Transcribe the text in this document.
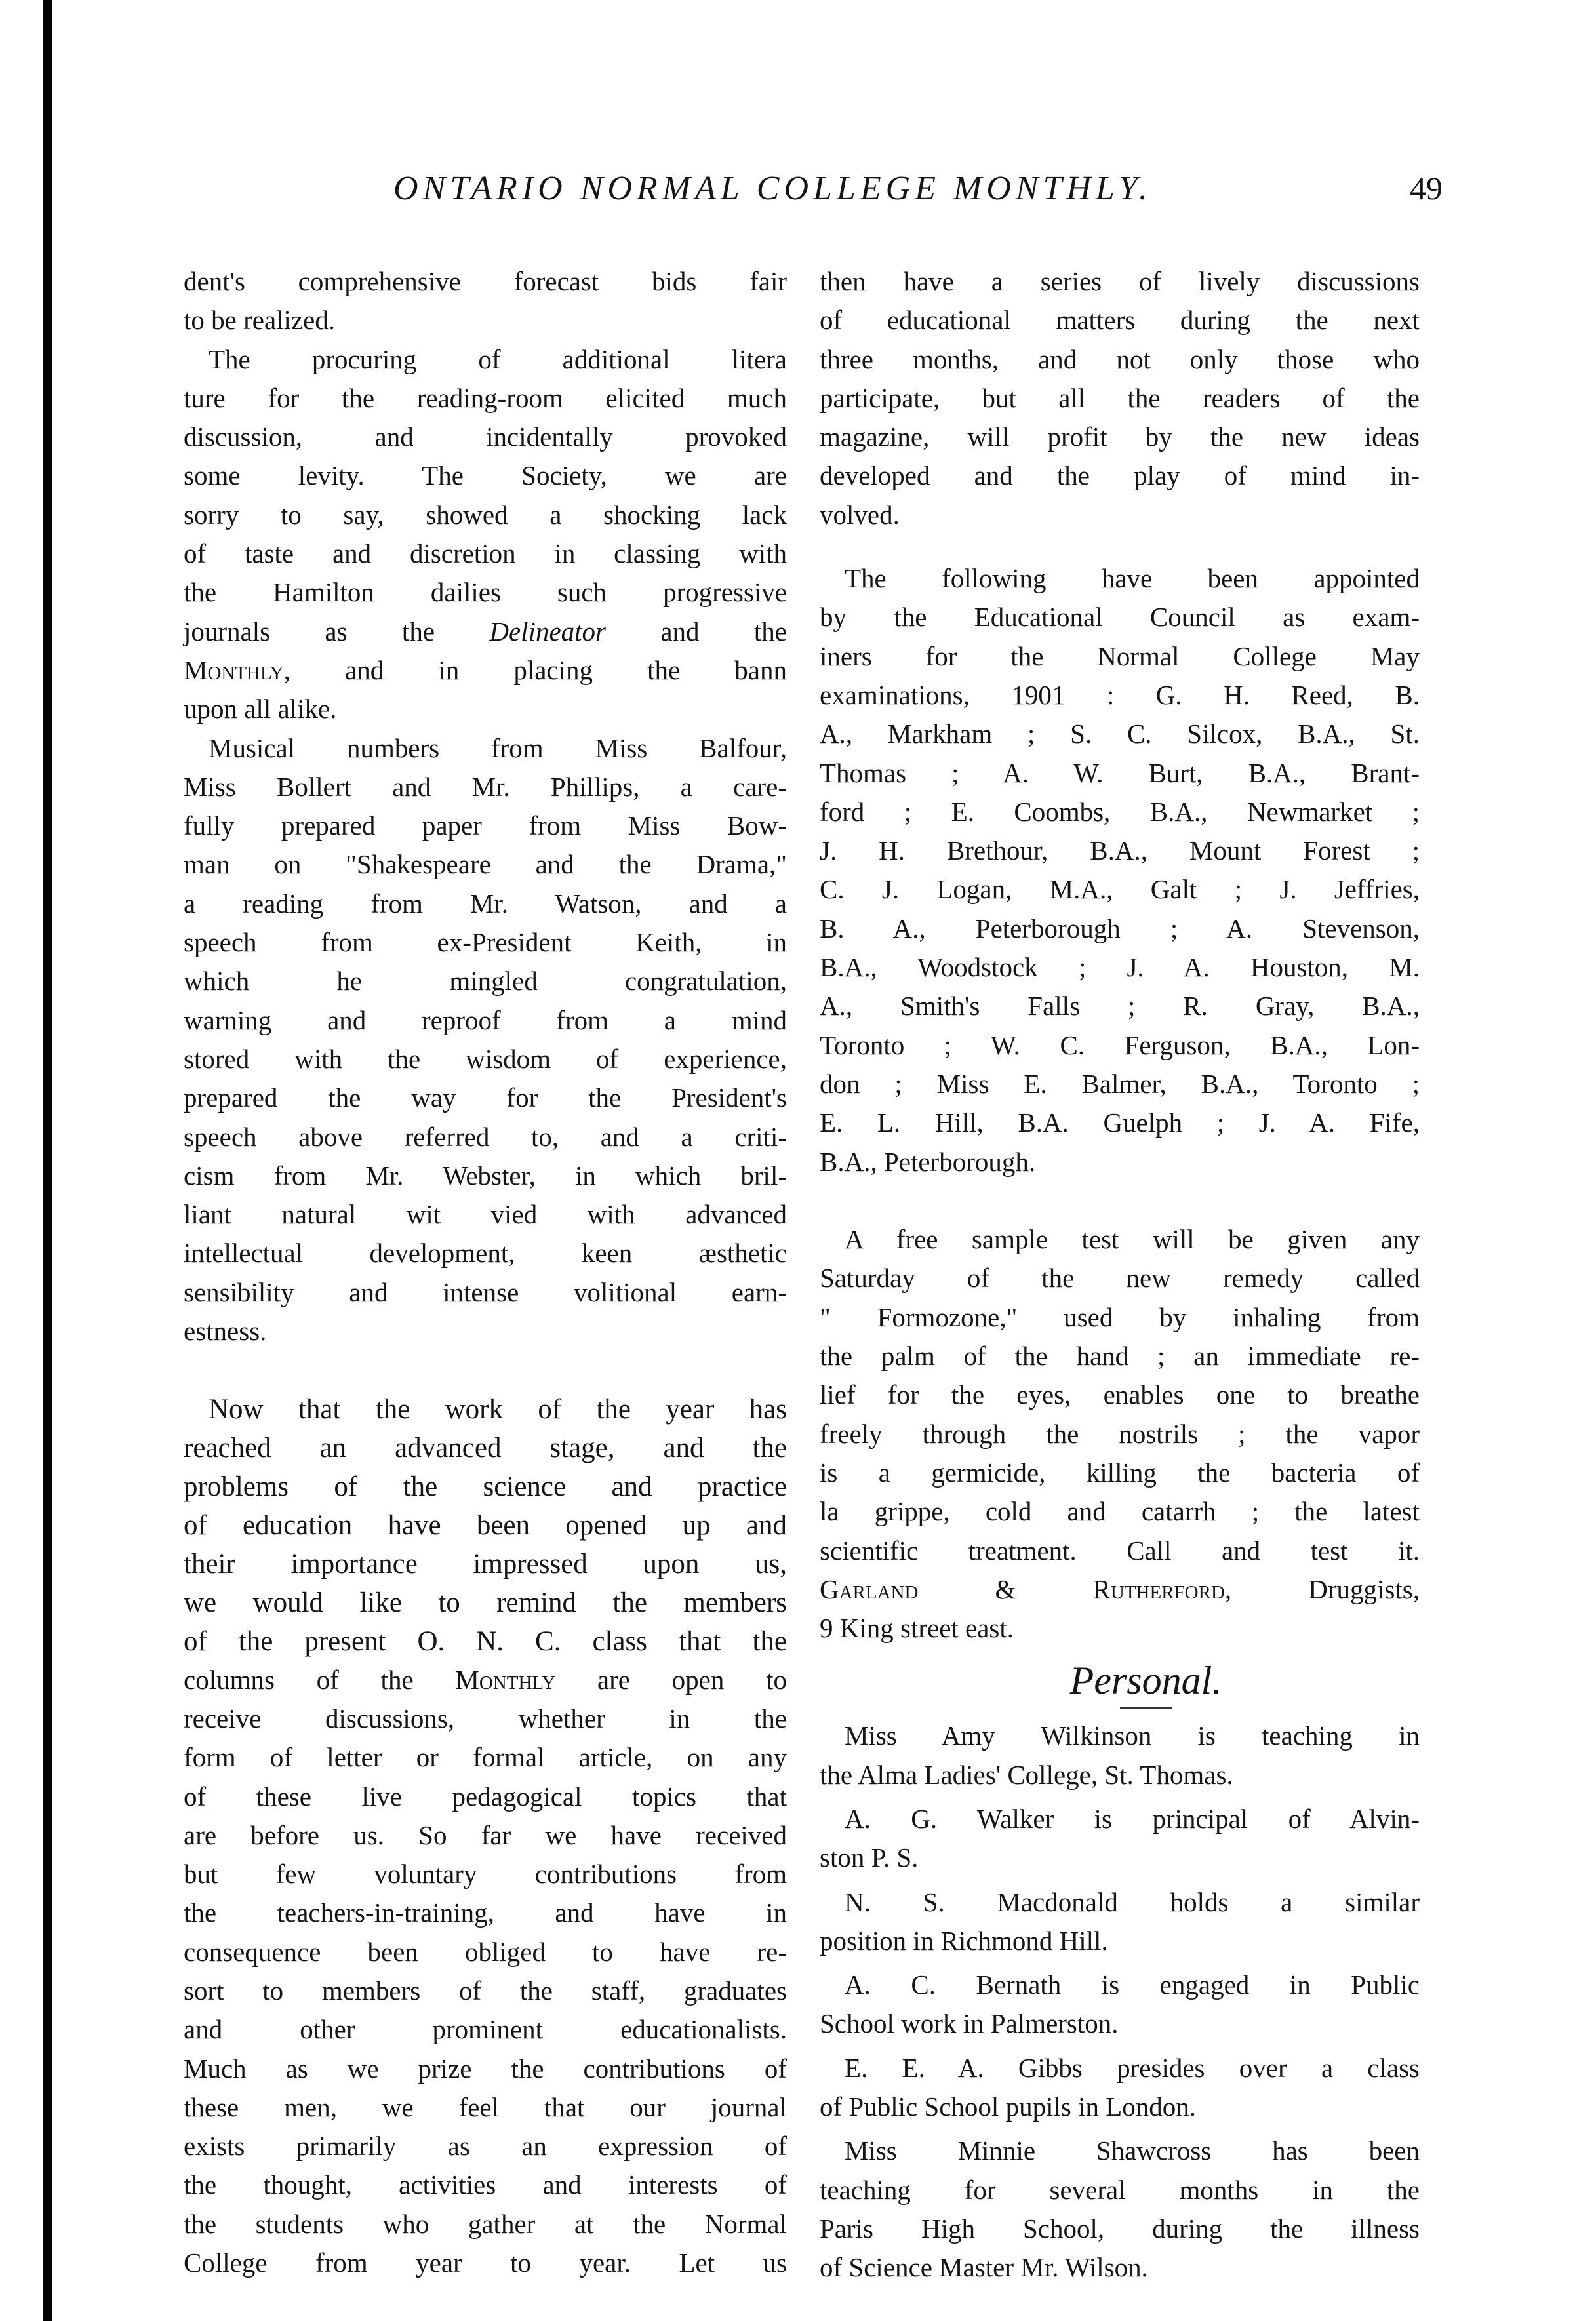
ONTARIO NORMAL COLLEGE MONTHLY.	49
dent's comprehensive forecast bids fair
to be realized.
The procuring of additional litera
ture for the reading-room elicited much
discussion, and incidentally provoked
some levity. The Society, we are
sorry to say, showed a shocking lack
of taste and discretion in classing with
the Hamilton dailies such progressive
journals as the Delineator and the
Monthly, and in placing the bann
upon all alike.
Musical numbers from Miss Balfour,
Miss Bollert and Mr. Phillips, a care-
fully prepared paper from Miss Bow-
man on "Shakespeare and the Drama,"
a reading from Mr. Watson, and a
speech from ex-President Keith, in
which he mingled congratulation,
warning and reproof from a mind
stored with the wisdom of experience,
prepared the way for the President's
speech above referred to, and a criti-
cism from Mr. Webster, in which bril-
liant natural wit vied with advanced
intellectual development, keen æsthetic
sensibility and intense volitional earn-
estness.
Now that the work of the year has
reached an advanced stage, and the
problems of the science and practice
of education have been opened up and
their importance impressed upon us,
we would like to remind the members
of the present O. N. C. class that the
columns of the Monthly are open to
receive discussions, whether in the
form of letter or formal article, on any
of these live pedagogical topics that
are before us. So far we have received
but few voluntary contributions from
the teachers-in-training, and have in
consequence been obliged to have re-
sort to members of the staff, graduates
and other prominent educationalists.
Much as we prize the contributions of
these men, we feel that our journal
exists primarily as an expression of
the thought, activities and interests of
the students who gather at the Normal
College from year to year. Let us
then have a series of lively discussions
of educational matters during the next
three months, and not only those who
participate, but all the readers of the
magazine, will profit by the new ideas
developed and the play of mind in-
volved.
The following have been appointed
by the Educational Council as exam-
iners for the Normal College May
examinations, 1901 : G. H. Reed, B.
A., Markham ; S. C. Silcox, B.A., St.
Thomas ; A. W. Burt, B.A., Brant-
ford ; E. Coombs, B.A., Newmarket ;
J. H. Brethour, B.A., Mount Forest ;
C. J. Logan, M.A., Galt ; J. Jeffries,
B. A., Peterborough ; A. Stevenson,
B.A., Woodstock ; J. A. Houston, M.
A., Smith's Falls ; R. Gray, B.A.,
Toronto ; W. C. Ferguson, B.A., Lon-
don ; Miss E. Balmer, B.A., Toronto ;
E. L. Hill, B.A. Guelph ; J. A. Fife,
B.A., Peterborough.
A free sample test will be given any
Saturday of the new remedy called
" Formozone," used by inhaling from
the palm of the hand ; an immediate re-
lief for the eyes, enables one to breathe
freely through the nostrils ; the vapor
is a germicide, killing the bacteria of
la grippe, cold and catarrh ; the latest
scientific treatment. Call and test it.
Garland & Rutherford, Druggists,
9 King street east.
Personal.
Miss Amy Wilkinson is teaching in
the Alma Ladies' College, St. Thomas.
A. G. Walker is principal of Alvin-
ston P. S.
N. S. Macdonald holds a similar
position in Richmond Hill.
A. C. Bernath is engaged in Public
School work in Palmerston.
E. E. A. Gibbs presides over a class
of Public School pupils in London.
Miss Minnie Shawcross has been
teaching for several months in the
Paris High School, during the illness
of Science Master Mr. Wilson.
